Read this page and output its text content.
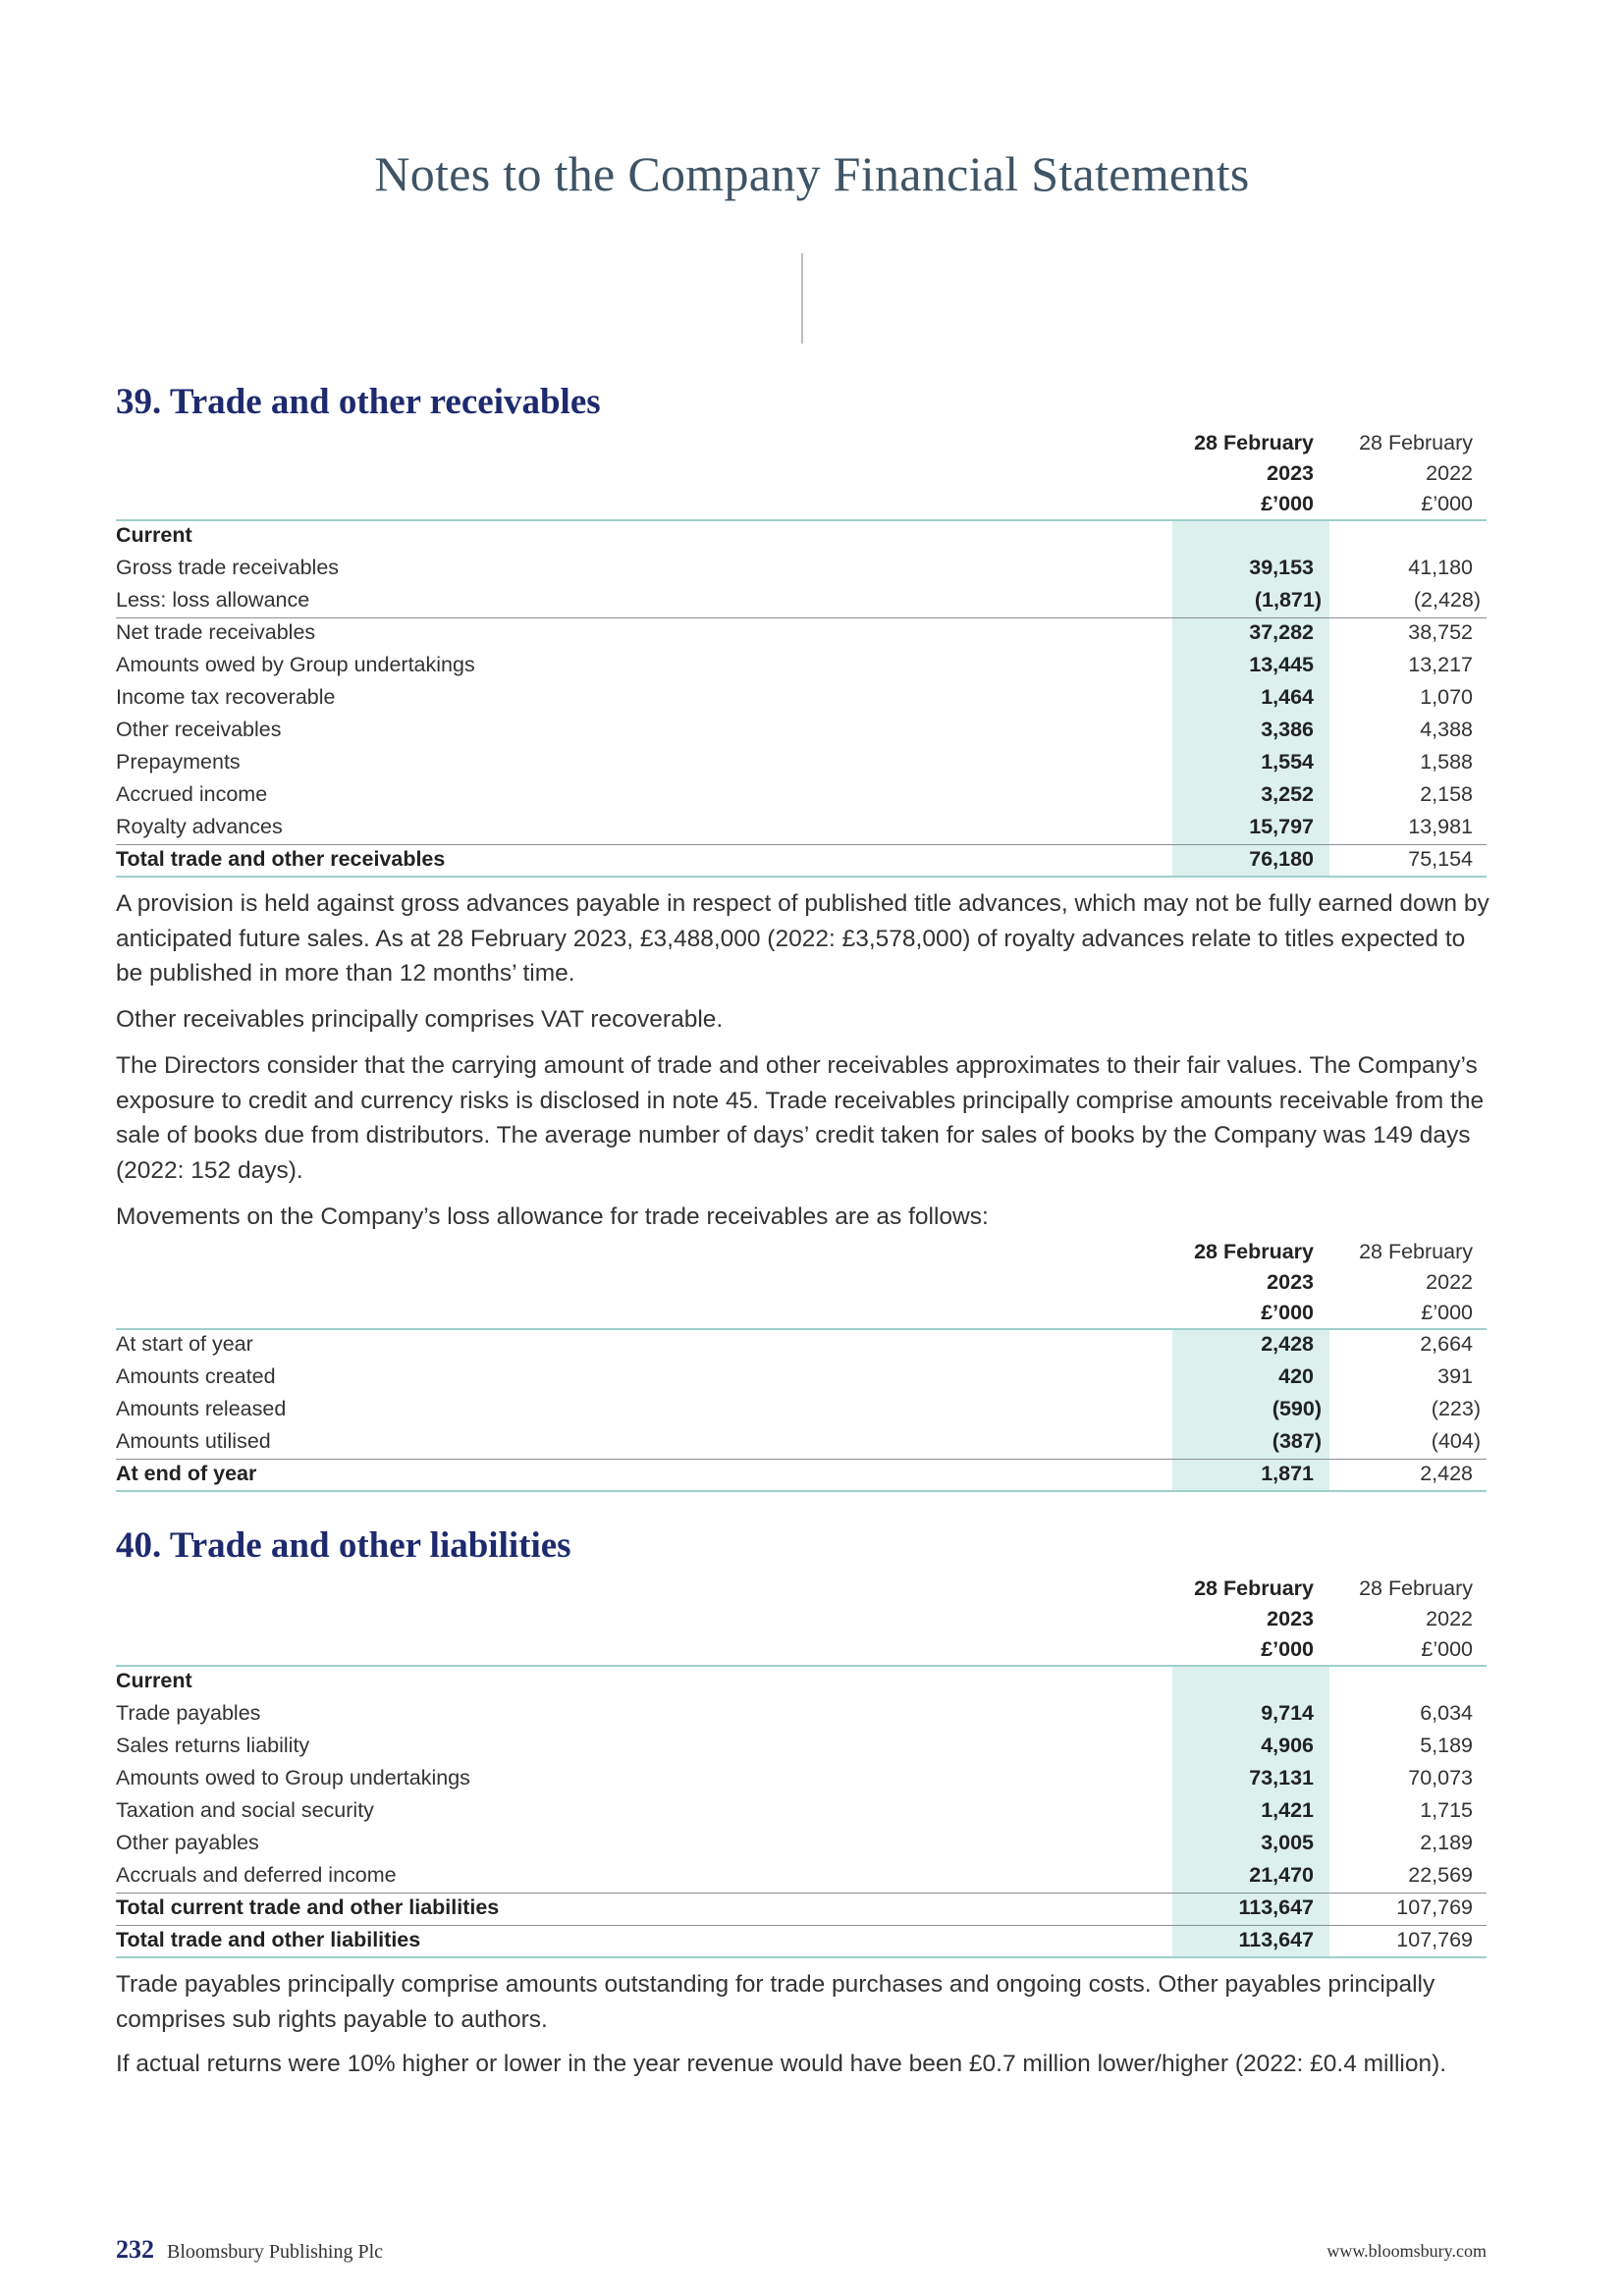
Notes to the Company Financial Statements
39. Trade and other receivables
28 February	28 February
2023	2022
£’000	£’000
Current
Gross trade receivables	39,153	41,180
Less: loss allowance	(1,871)	(2,428)
Net trade receivables	37,282	38,752
Amounts owed by Group undertakings	13,445	13,217
Income tax recoverable	1,464	1,070
Other receivables	3,386	4,388
Prepayments	1,554	1,588
Accrued income	3,252	2,158
Royalty advances	15,797	13,981
Total trade and other receivables	76,180	75,154

A provision is held against gross advances payable in respect of published title advances, which may not be fully earned down by anticipated future sales. As at 28 February 2023, £3,488,000 (2022: £3,578,000) of royalty advances relate to titles expected to be published in more than 12 months’ time.

Other receivables principally comprises VAT recoverable.

The Directors consider that the carrying amount of trade and other receivables approximates to their fair values. The Company’s exposure to credit and currency risks is disclosed in note 45. Trade receivables principally comprise amounts receivable from the sale of books due from distributors. The average number of days’ credit taken for sales of books by the Company was 149 days (2022: 152 days).

Movements on the Company’s loss allowance for trade receivables are as follows:

28 February	28 February
2023	2022
£’000	£’000
At start of year	2,428	2,664
Amounts created	420	391
Amounts released	(590)	(223)
Amounts utilised	(387)	(404)
At end of year	1,871	2,428
40. Trade and other liabilities
28 February	28 February
2023	2022
£’000	£’000
Current
Trade payables	9,714	6,034
Sales returns liability	4,906	5,189
Amounts owed to Group undertakings	73,131	70,073
Taxation and social security	1,421	1,715
Other payables	3,005	2,189
Accruals and deferred income	21,470	22,569
Total current trade and other liabilities	113,647	107,769
Total trade and other liabilities	113,647	107,769

Trade payables principally comprise amounts outstanding for trade purchases and ongoing costs. Other payables principally comprises sub rights payable to authors.

If actual returns were 10% higher or lower in the year revenue would have been £0.7 million lower/higher (2022: £0.4 million).

232 Bloomsbury Publishing Plc	www.bloomsbury.com
